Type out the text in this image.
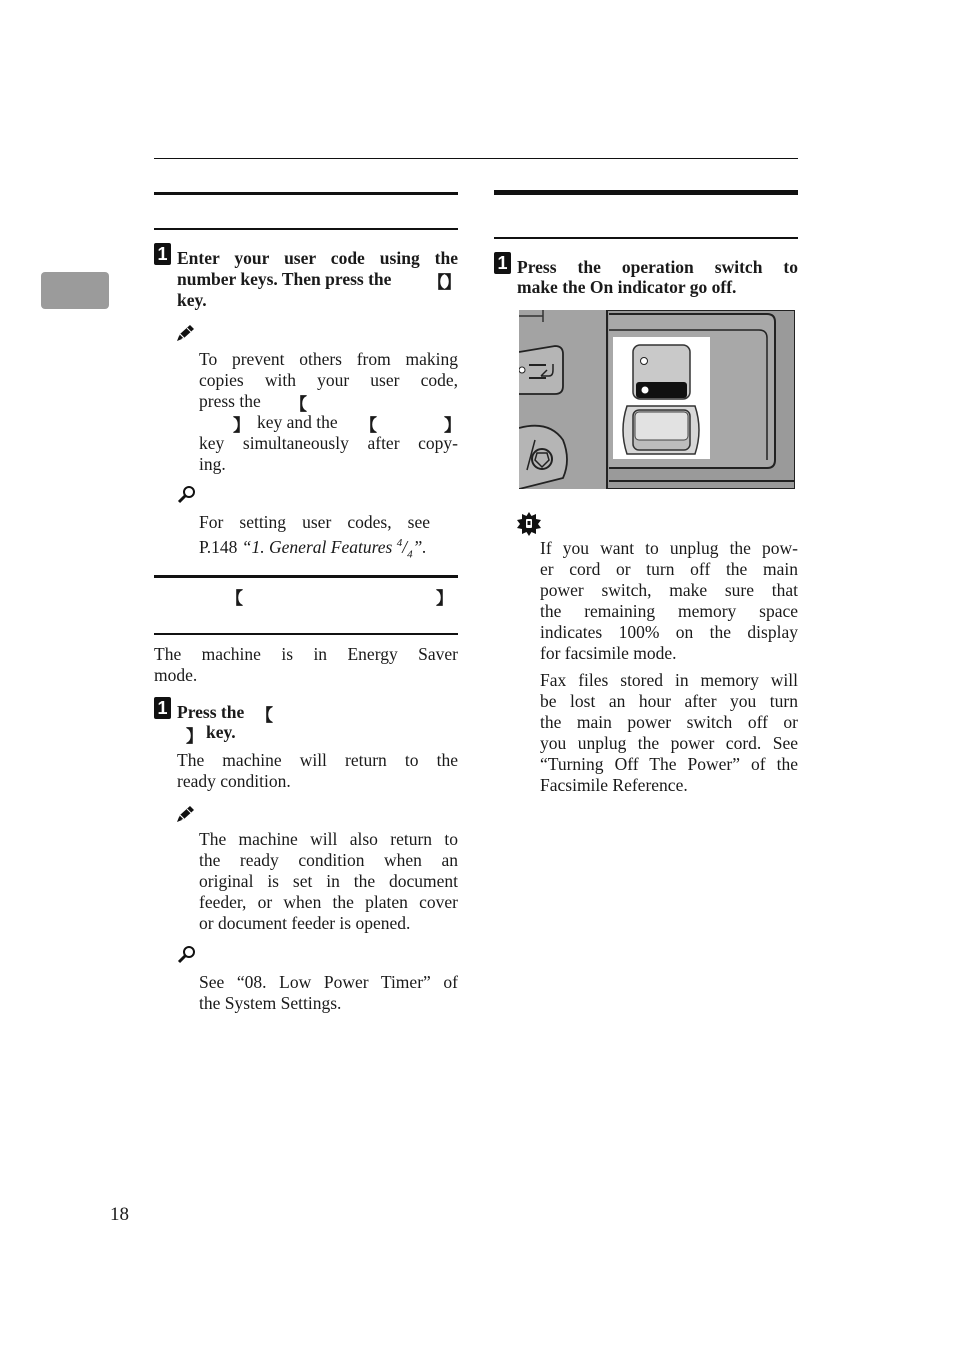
1 Enter your user code using the
number keys. Then press the 【 】
key.
To prevent others from making
copies with your user code,
press the 【
】 key and the 【	】
key simultaneously after copy-
ing.
For setting user codes, see
P.148 “1. General Features $^4/_4$”.
【	】
The machine is in Energy Saver
mode.
1 Press the 【
】 key.
The machine will return to the
ready condition.
The machine will also return to
the ready condition when an
original is set in the document
feeder, or when the platen cover
or document feeder is opened.
See “08. Low Power Timer” of
the System Settings.
1 Press the operation switch to
make the On indicator go off.
If you want to unplug the pow-
er cord or turn off the main
power switch, make sure that
the remaining memory space
indicates 100% on the display
for facsimile mode.
Fax files stored in memory will
be lost an hour after you turn
the main power switch off or
you unplug the power cord. See
“Turning Off The Power” of the
Facsimile Reference.
18
